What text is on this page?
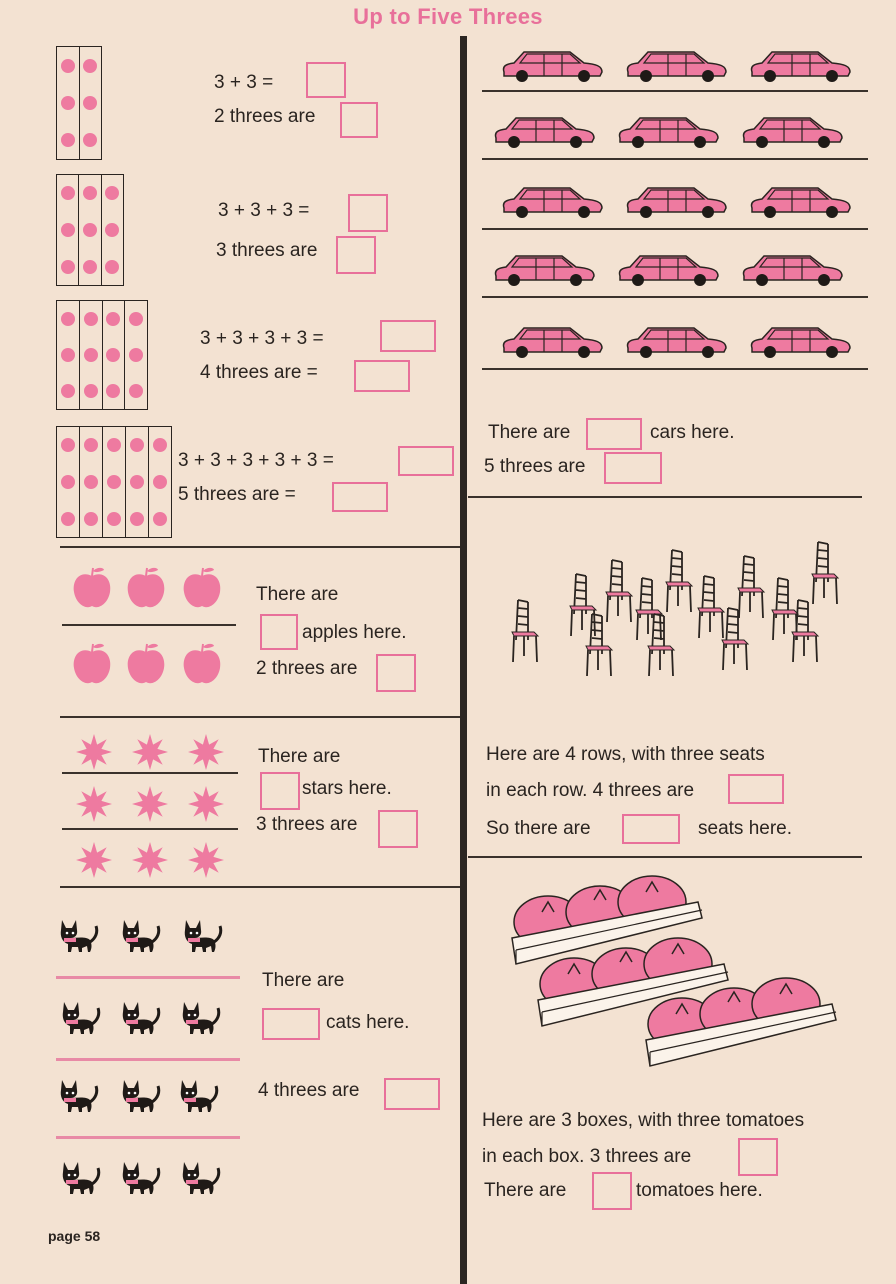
Up to Five Threes
3 + 3 =
2 threes are
3 + 3 + 3 =
3 threes are
3 + 3 + 3 + 3 =
4 threes are =
3 + 3 + 3 + 3 + 3 =
5 threes are =
There are
apples here.
2 threes are
There are
stars here.
3 threes are
There are
cats here.
4 threes are
page 58
There are	cars here.
5 threes are
Here are 4 rows, with three seats
in each row. 4 threes are
So there are	seats here.
Here are 3 boxes, with three tomatoes
in each box. 3 threes are
There are	tomatoes here.
